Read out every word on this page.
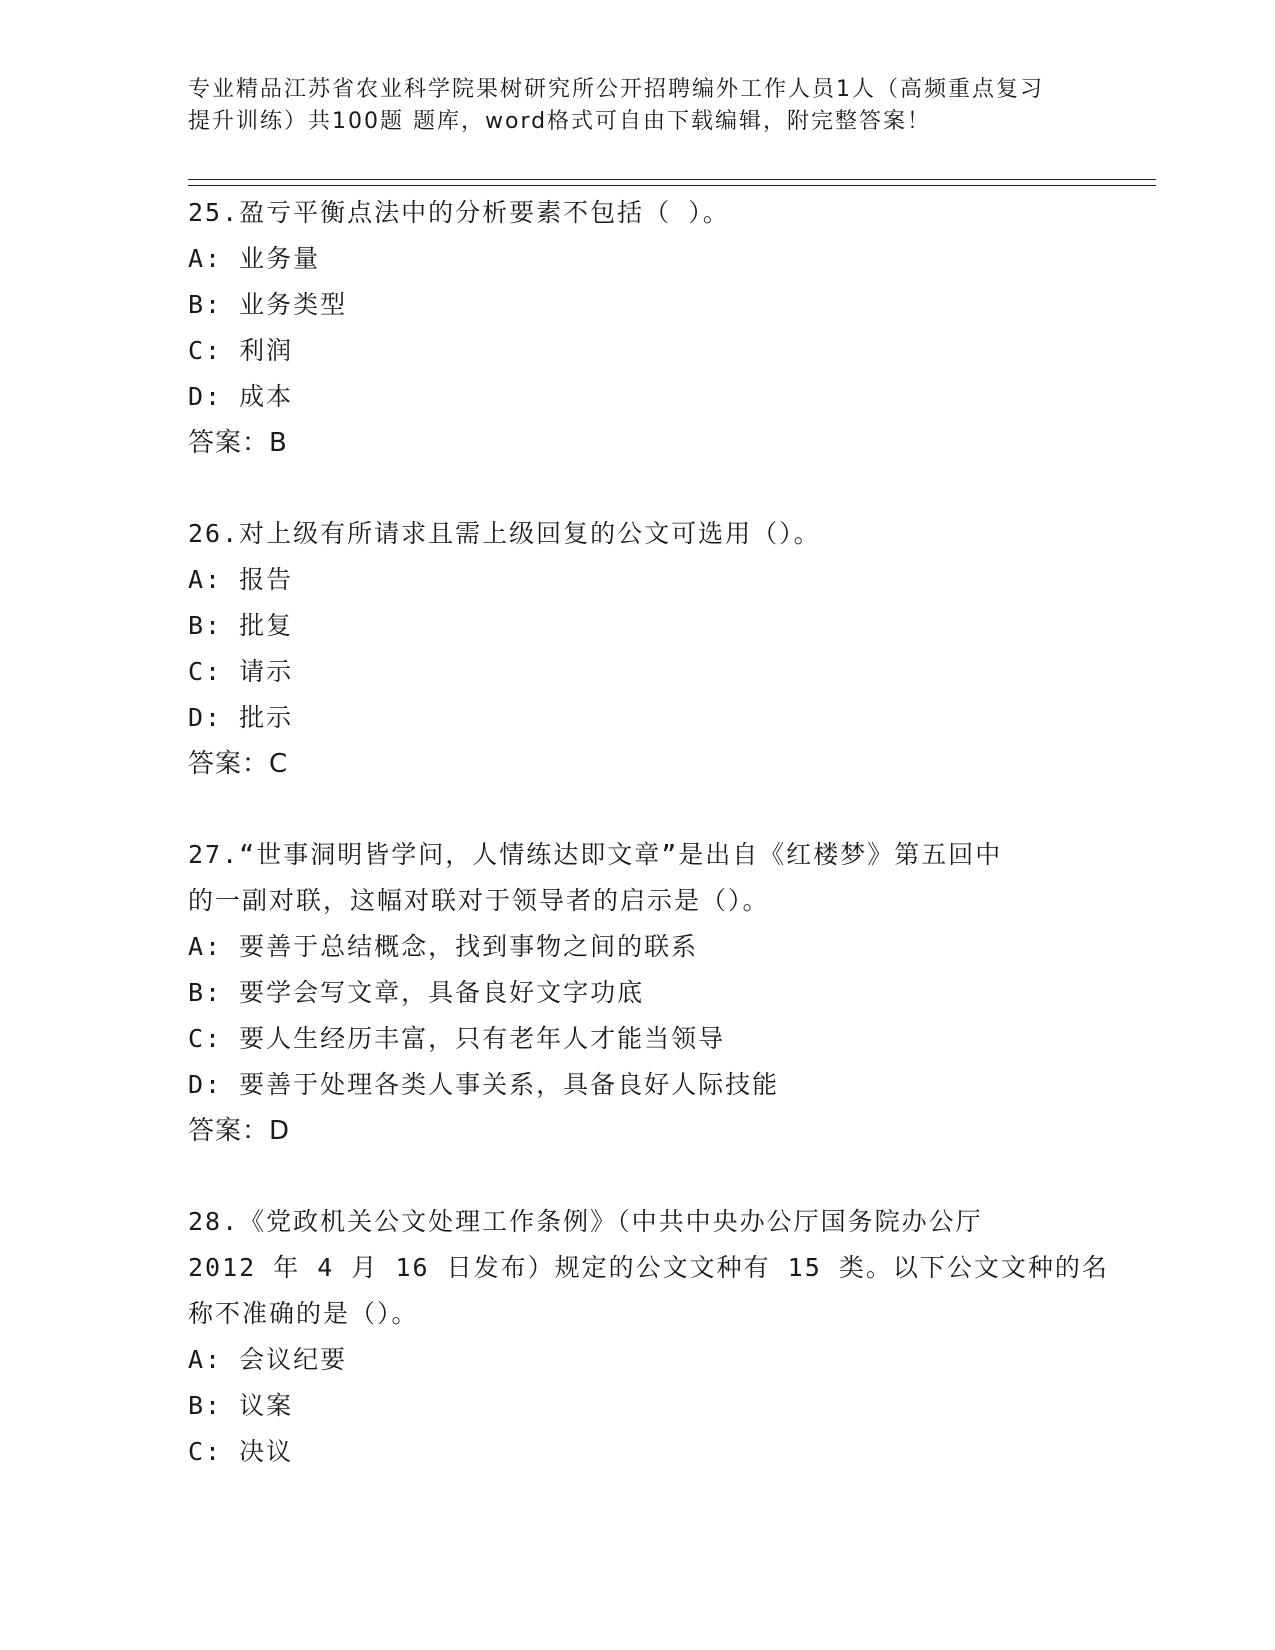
专业精品江苏省农业科学院果树研究所公开招聘编外工作人员1人（高频重点复习
提升训练）共100题 题库，word格式可自由下载编辑，附完整答案！
25.盈亏平衡点法中的分析要素不包括（ ）。
A: 业务量
B: 业务类型
C: 利润
D: 成本
答案：B
26.对上级有所请求且需上级回复的公文可选用（）。
A: 报告
B: 批复
C: 请示
D: 批示
答案：C
27.“世事洞明皆学问，人情练达即文章”是出自《红楼梦》第五回中
的一副对联，这幅对联对于领导者的启示是（）。
A: 要善于总结概念，找到事物之间的联系
B: 要学会写文章，具备良好文字功底
C: 要人生经历丰富，只有老年人才能当领导
D: 要善于处理各类人事关系，具备良好人际技能
答案：D
28.《党政机关公文处理工作条例》（中共中央办公厅国务院办公厅
2012 年 4 月 16 日发布）规定的公文文种有 15 类。以下公文文种的名
称不准确的是（）。
A: 会议纪要
B: 议案
C: 决议
